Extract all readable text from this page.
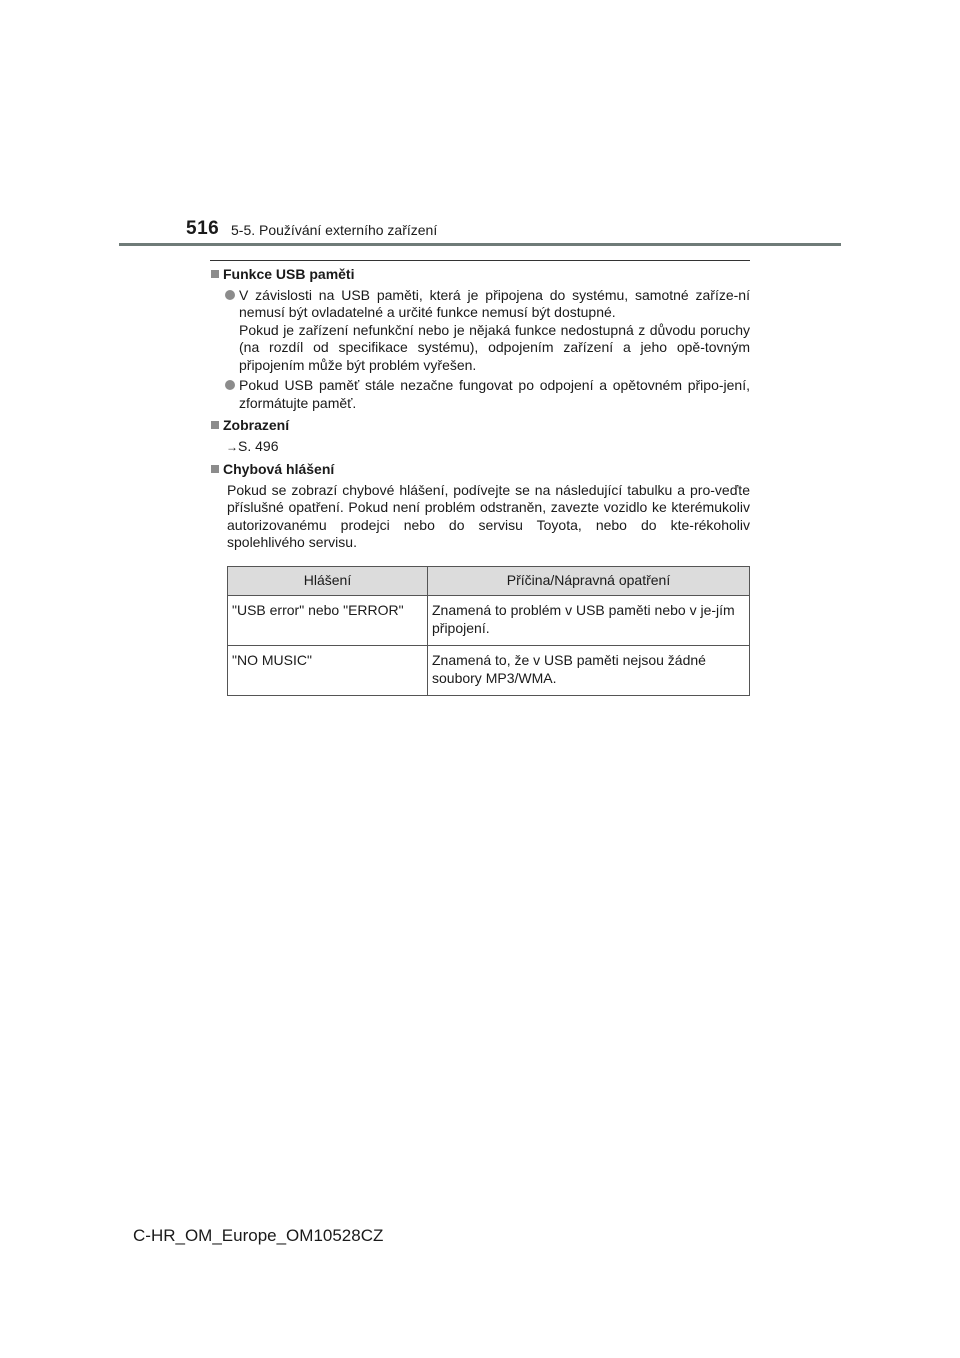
516 5-5. Používání externího zařízení
Funkce USB paměti
V závislosti na USB paměti, která je připojena do systému, samotné zaříze-ní nemusí být ovladatelné a určité funkce nemusí být dostupné.
Pokud je zařízení nefunkční nebo je nějaká funkce nedostupná z důvodu poruchy (na rozdíl od specifikace systému), odpojením zařízení a jeho opě-tovným připojením může být problém vyřešen.
Pokud USB paměť stále nezačne fungovat po odpojení a opětovném připo-jení, zformátujte paměť.
Zobrazení
→S. 496
Chybová hlášení

Pokud se zobrazí chybové hlášení, podívejte se na následující tabulku a pro-veďte příslušné opatření. Pokud není problém odstraněn, zavezte vozidlo ke kterémukoliv autorizovanému prodejci nebo do servisu Toyota, nebo do kte-rékoholiv spolehlivého servisu.

Hlášení	Příčina/Nápravná opatření
"USB error" nebo "ERROR"	Znamená to problém v USB paměti nebo v je-jím připojení.
"NO MUSIC"	Znamená to, že v USB paměti nejsou žádné soubory MP3/WMA.
C-HR_OM_Europe_OM10528CZ
